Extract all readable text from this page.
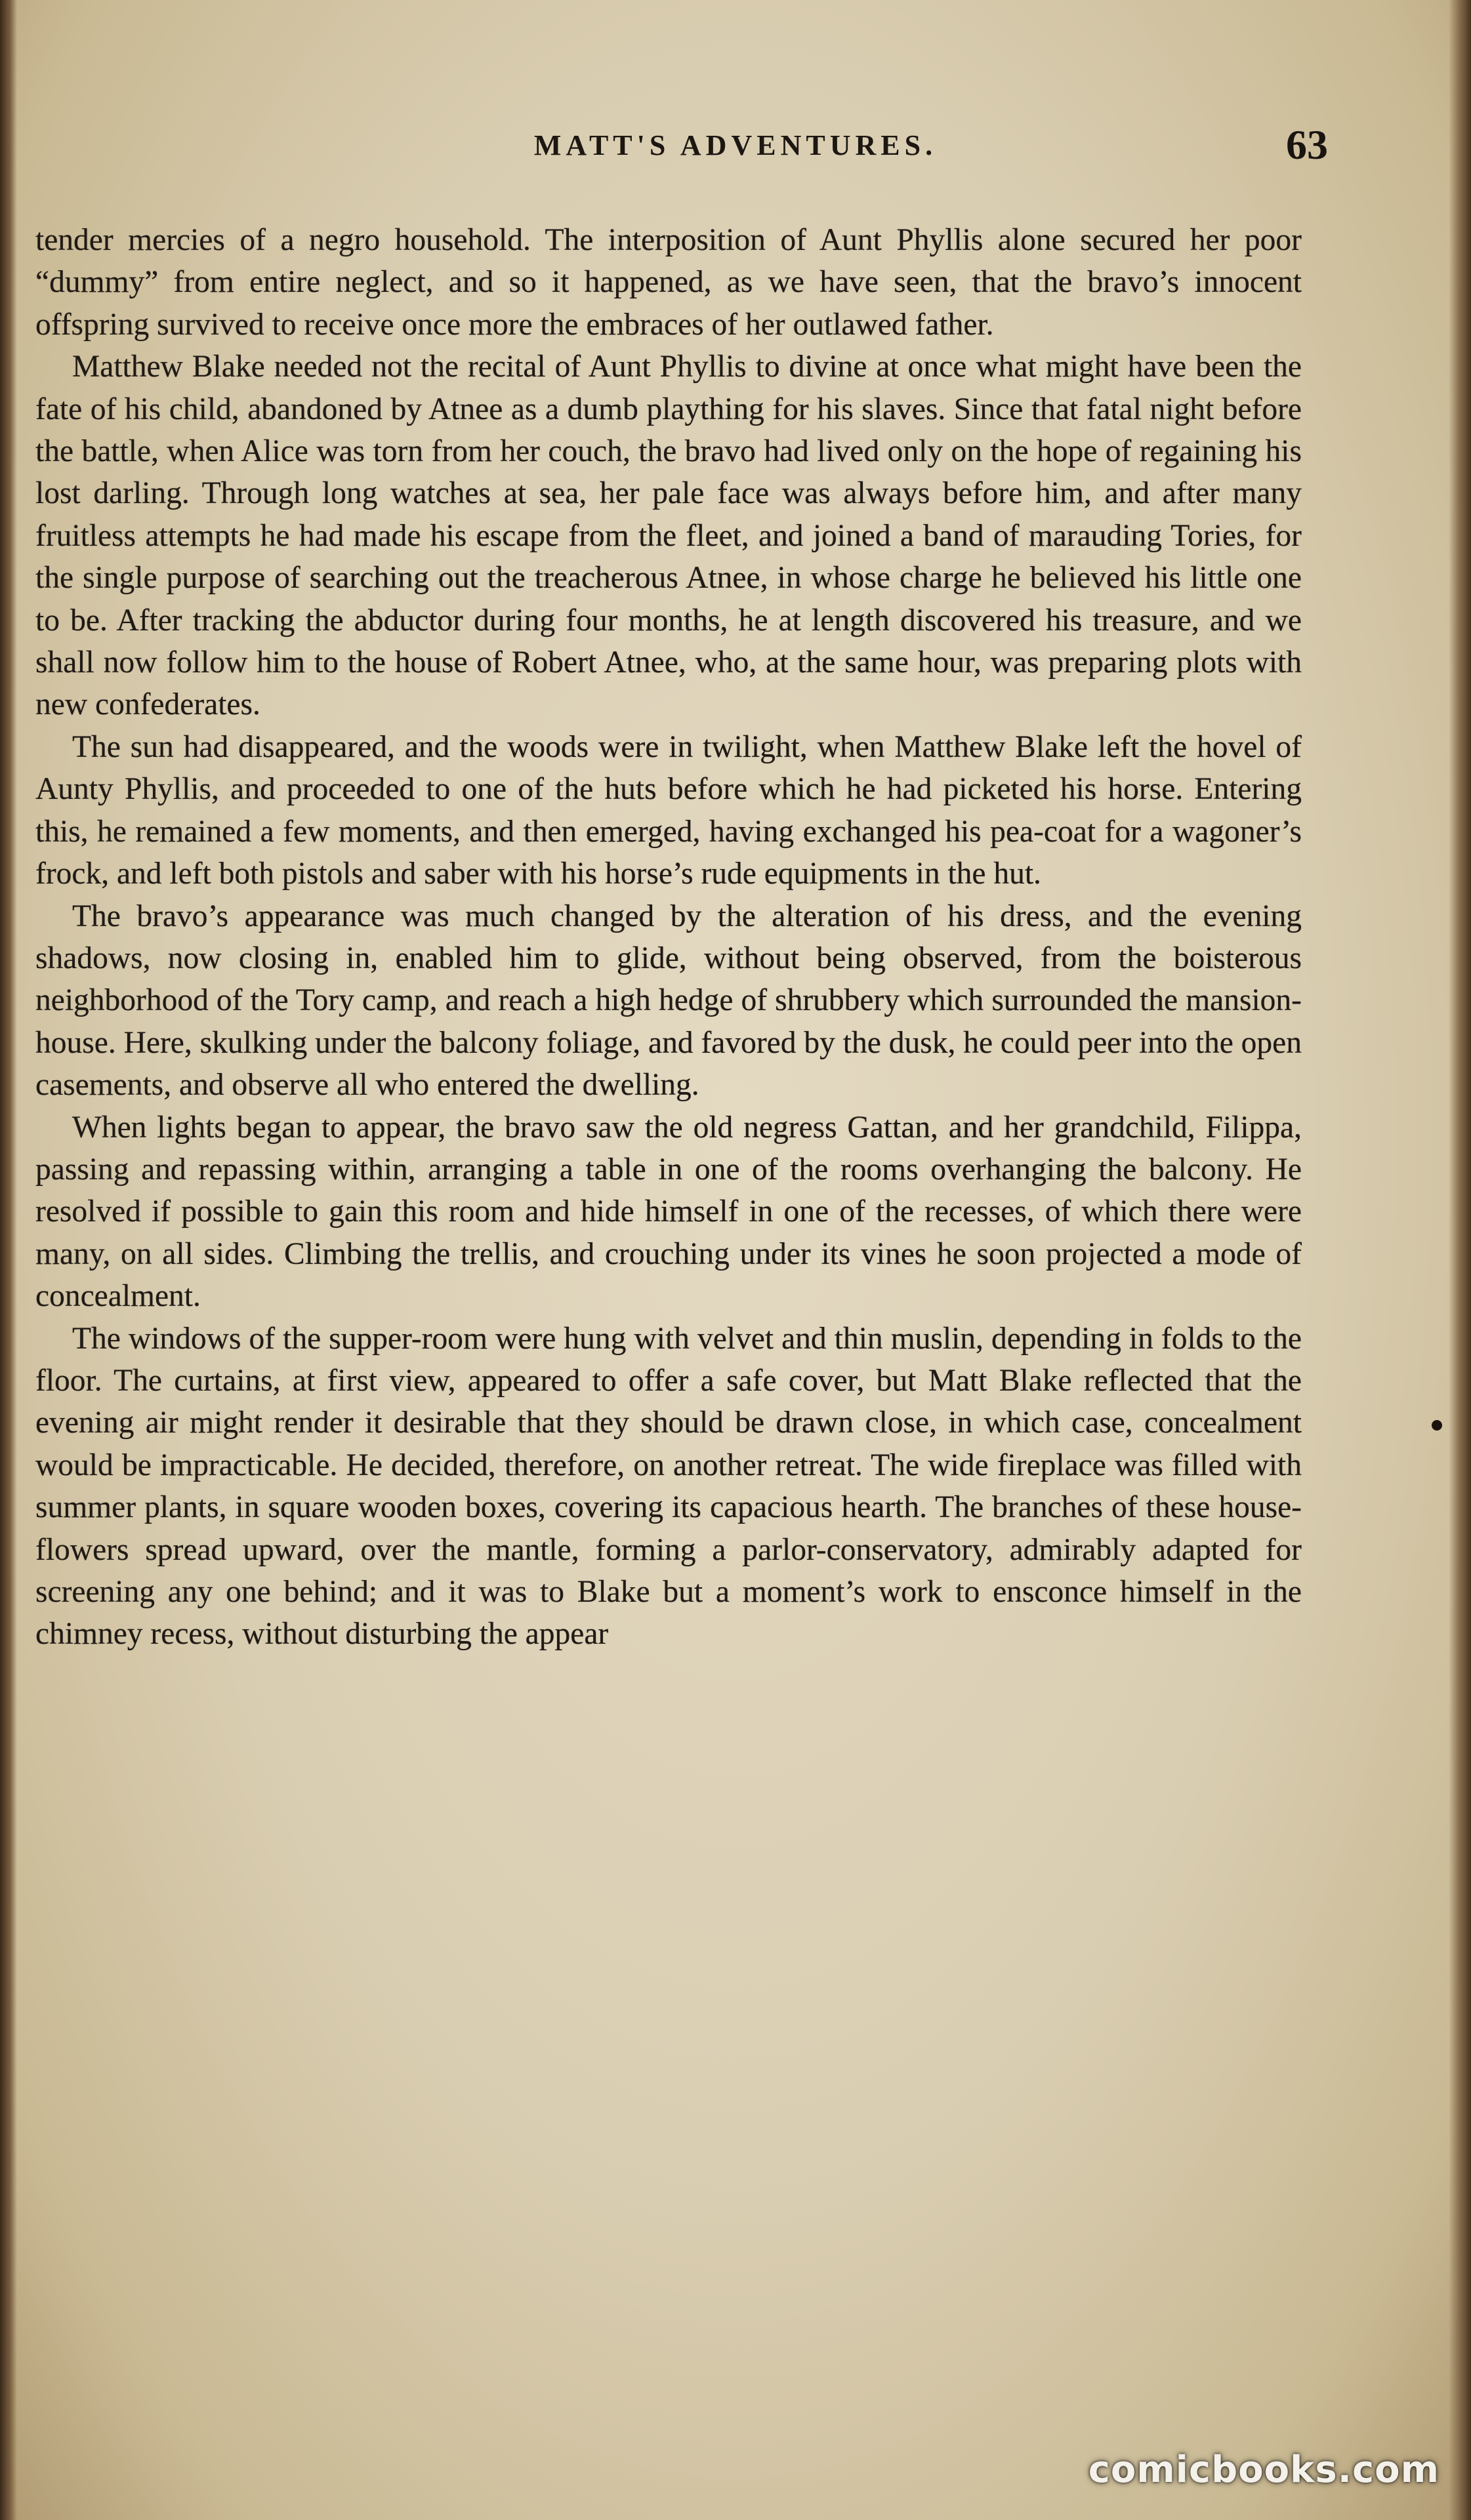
MATT'S ADVENTURES.	63

tender mercies of a negro household. The interposition of Aunt Phyllis alone secured her poor “dummy” from entire neglect, and so it happened, as we have seen, that the bravo’s innocent offspring survived to receive once more the embraces of her outlawed father.

Matthew Blake needed not the recital of Aunt Phyllis to divine at once what might have been the fate of his child, abandoned by Atnee as a dumb plaything for his slaves. Since that fatal night before the battle, when Alice was torn from her couch, the bravo had lived only on the hope of regaining his lost darling. Through long watches at sea, her pale face was always before him, and after many fruitless attempts he had made his escape from the fleet, and joined a band of marauding Tories, for the single purpose of searching out the treacherous Atnee, in whose charge he believed his little one to be. After tracking the abductor during four months, he at length discovered his treasure, and we shall now follow him to the house of Robert Atnee, who, at the same hour, was preparing plots with new confederates.

The sun had disappeared, and the woods were in twilight, when Matthew Blake left the hovel of Aunty Phyllis, and proceeded to one of the huts before which he had picketed his horse. Entering this, he remained a few moments, and then emerged, having exchanged his pea-coat for a wagoner’s frock, and left both pistols and saber with his horse’s rude equipments in the hut.

The bravo’s appearance was much changed by the alteration of his dress, and the evening shadows, now closing in, enabled him to glide, without being observed, from the boisterous neighborhood of the Tory camp, and reach a high hedge of shrubbery which surrounded the mansion-house. Here, skulking under the balcony foliage, and favored by the dusk, he could peer into the open casements, and observe all who entered the dwelling.

When lights began to appear, the bravo saw the old negress Gattan, and her grandchild, Filippa, passing and repassing within, arranging a table in one of the rooms overhanging the balcony. He resolved if possible to gain this room and hide himself in one of the recesses, of which there were many, on all sides. Climbing the trellis, and crouching under its vines he soon projected a mode of concealment.

The windows of the supper-room were hung with velvet and thin muslin, depending in folds to the floor. The curtains, at first view, appeared to offer a safe cover, but Matt Blake reflected that the evening air might render it desirable that they should be drawn close, in which case, concealment would be impracticable. He decided, therefore, on another retreat. The wide fireplace was filled with summer plants, in square wooden boxes, covering its capacious hearth. The branches of these house-flowers spread upward, over the mantle, forming a parlor-conservatory, admirably adapted for screening any one behind; and it was to Blake but a moment’s work to ensconce himself in the chimney recess, without disturbing the appear

comicbooks.com
